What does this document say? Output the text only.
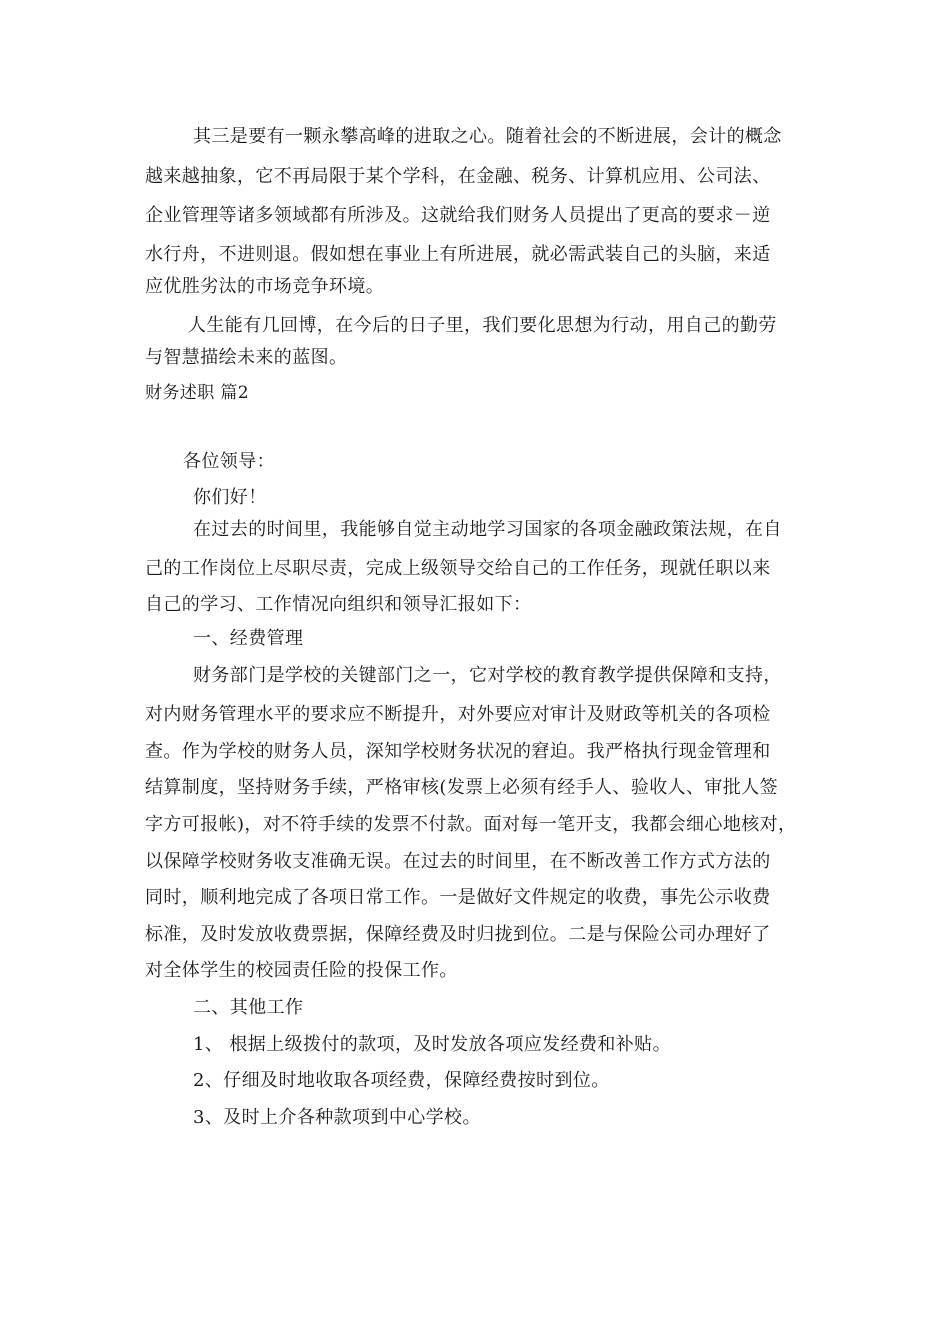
其三是要有一颗永攀高峰的进取之心。随着社会的不断进展，会计的概念
越来越抽象，它不再局限于某个学科，在金融、税务、计算机应用、公司法、
企业管理等诸多领域都有所涉及。这就给我们财务人员提出了更高的要求－逆
水行舟，不进则退。假如想在事业上有所进展，就必需武装自己的头脑，来适
应优胜劣汰的市场竞争环境。
人生能有几回博，在今后的日子里，我们要化思想为行动，用自己的勤劳
与智慧描绘未来的蓝图。
财务述职 篇2
各位领导：
你们好！
在过去的时间里，我能够自觉主动地学习国家的各项金融政策法规，在自
己的工作岗位上尽职尽责，完成上级领导交给自己的工作任务，现就任职以来
自己的学习、工作情况向组织和领导汇报如下：
一、经费管理
财务部门是学校的关键部门之一，它对学校的教育教学提供保障和支持，
对内财务管理水平的要求应不断提升，对外要应对审计及财政等机关的各项检
查。作为学校的财务人员，深知学校财务状况的窘迫。我严格执行现金管理和
结算制度，坚持财务手续，严格审核(发票上必须有经手人、验收人、审批人签
字方可报帐)，对不符手续的发票不付款。面对每一笔开支，我都会细心地核对，
以保障学校财务收支准确无误。在过去的时间里，在不断改善工作方式方法的
同时，顺利地完成了各项日常工作。一是做好文件规定的收费，事先公示收费
标准，及时发放收费票据，保障经费及时归拢到位。二是与保险公司办理好了
对全体学生的校园责任险的投保工作。
二、其他工作
1、 根据上级拨付的款项，及时发放各项应发经费和补贴。
2、仔细及时地收取各项经费，保障经费按时到位。
3、及时上介各种款项到中心学校。
